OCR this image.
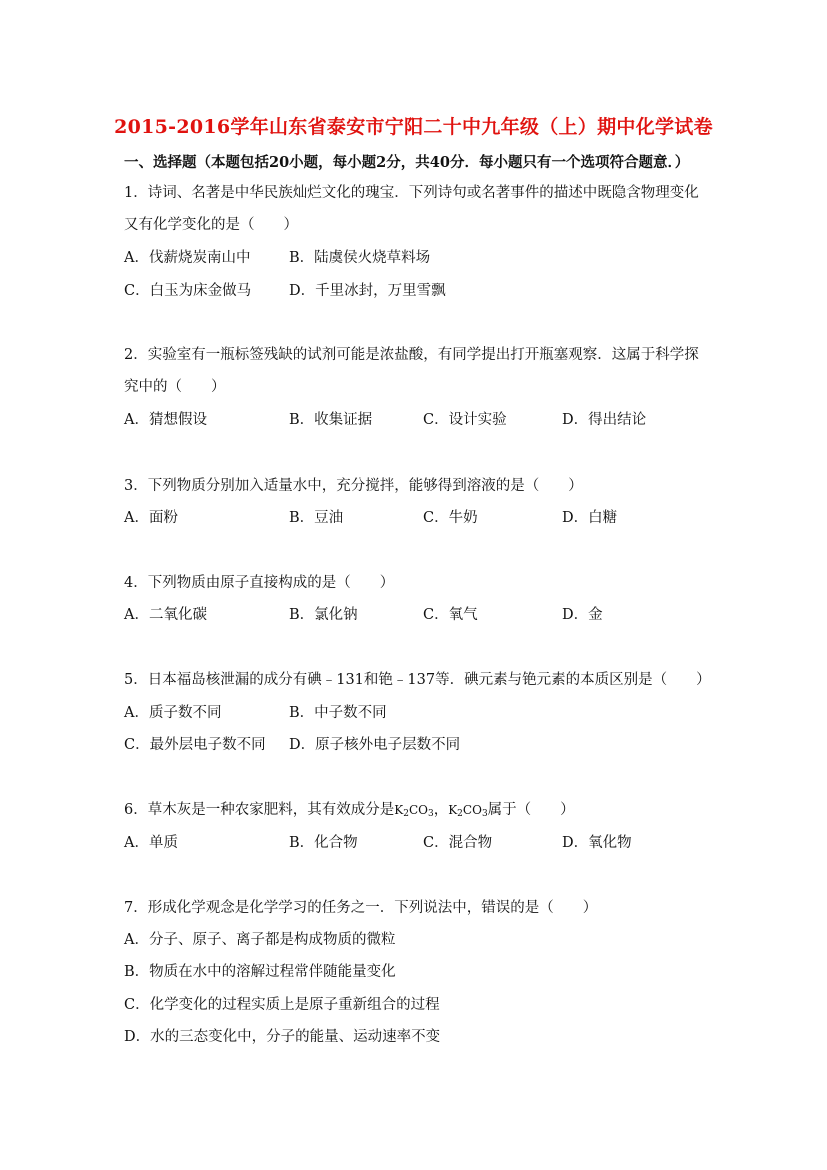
2015-2016学年山东省泰安市宁阳二十中九年级（上）期中化学试卷
一、选择题（本题包括20小题，每小题2分，共40分．每小题只有一个选项符合题意．）
1．诗词、名著是中华民族灿烂文化的瑰宝．下列诗句或名著事件的描述中既隐含物理变化
又有化学变化的是（　　）
A．伐薪烧炭南山中	B．陆虞侯火烧草料场
C．白玉为床金做马	D．千里冰封，万里雪飘
2．实验室有一瓶标签残缺的试剂可能是浓盐酸，有同学提出打开瓶塞观察．这属于科学探
究中的（　　）
A．猜想假设	B．收集证据	C．设计实验	D．得出结论
3．下列物质分别加入适量水中，充分搅拌，能够得到溶液的是（　　）
A．面粉	B．豆油	C．牛奶	D．白糖
4．下列物质由原子直接构成的是（　　）
A．二氧化碳	B．氯化钠	C．氧气	D．金
5．日本福岛核泄漏的成分有碘﹣131和铯﹣137等．碘元素与铯元素的本质区别是（　　）
A．质子数不同	B．中子数不同
C．最外层电子数不同 D．原子核外电子层数不同
6．草木灰是一种农家肥料，其有效成分是$K_2CO_3$，$K_2CO_3$属于（　　）
A．单质	B．化合物	C．混合物	D．氧化物
7．形成化学观念是化学学习的任务之一．下列说法中，错误的是（　　）
A．分子、原子、离子都是构成物质的微粒
B．物质在水中的溶解过程常伴随能量变化
C．化学变化的过程实质上是原子重新组合的过程
D．水的三态变化中，分子的能量、运动速率不变
